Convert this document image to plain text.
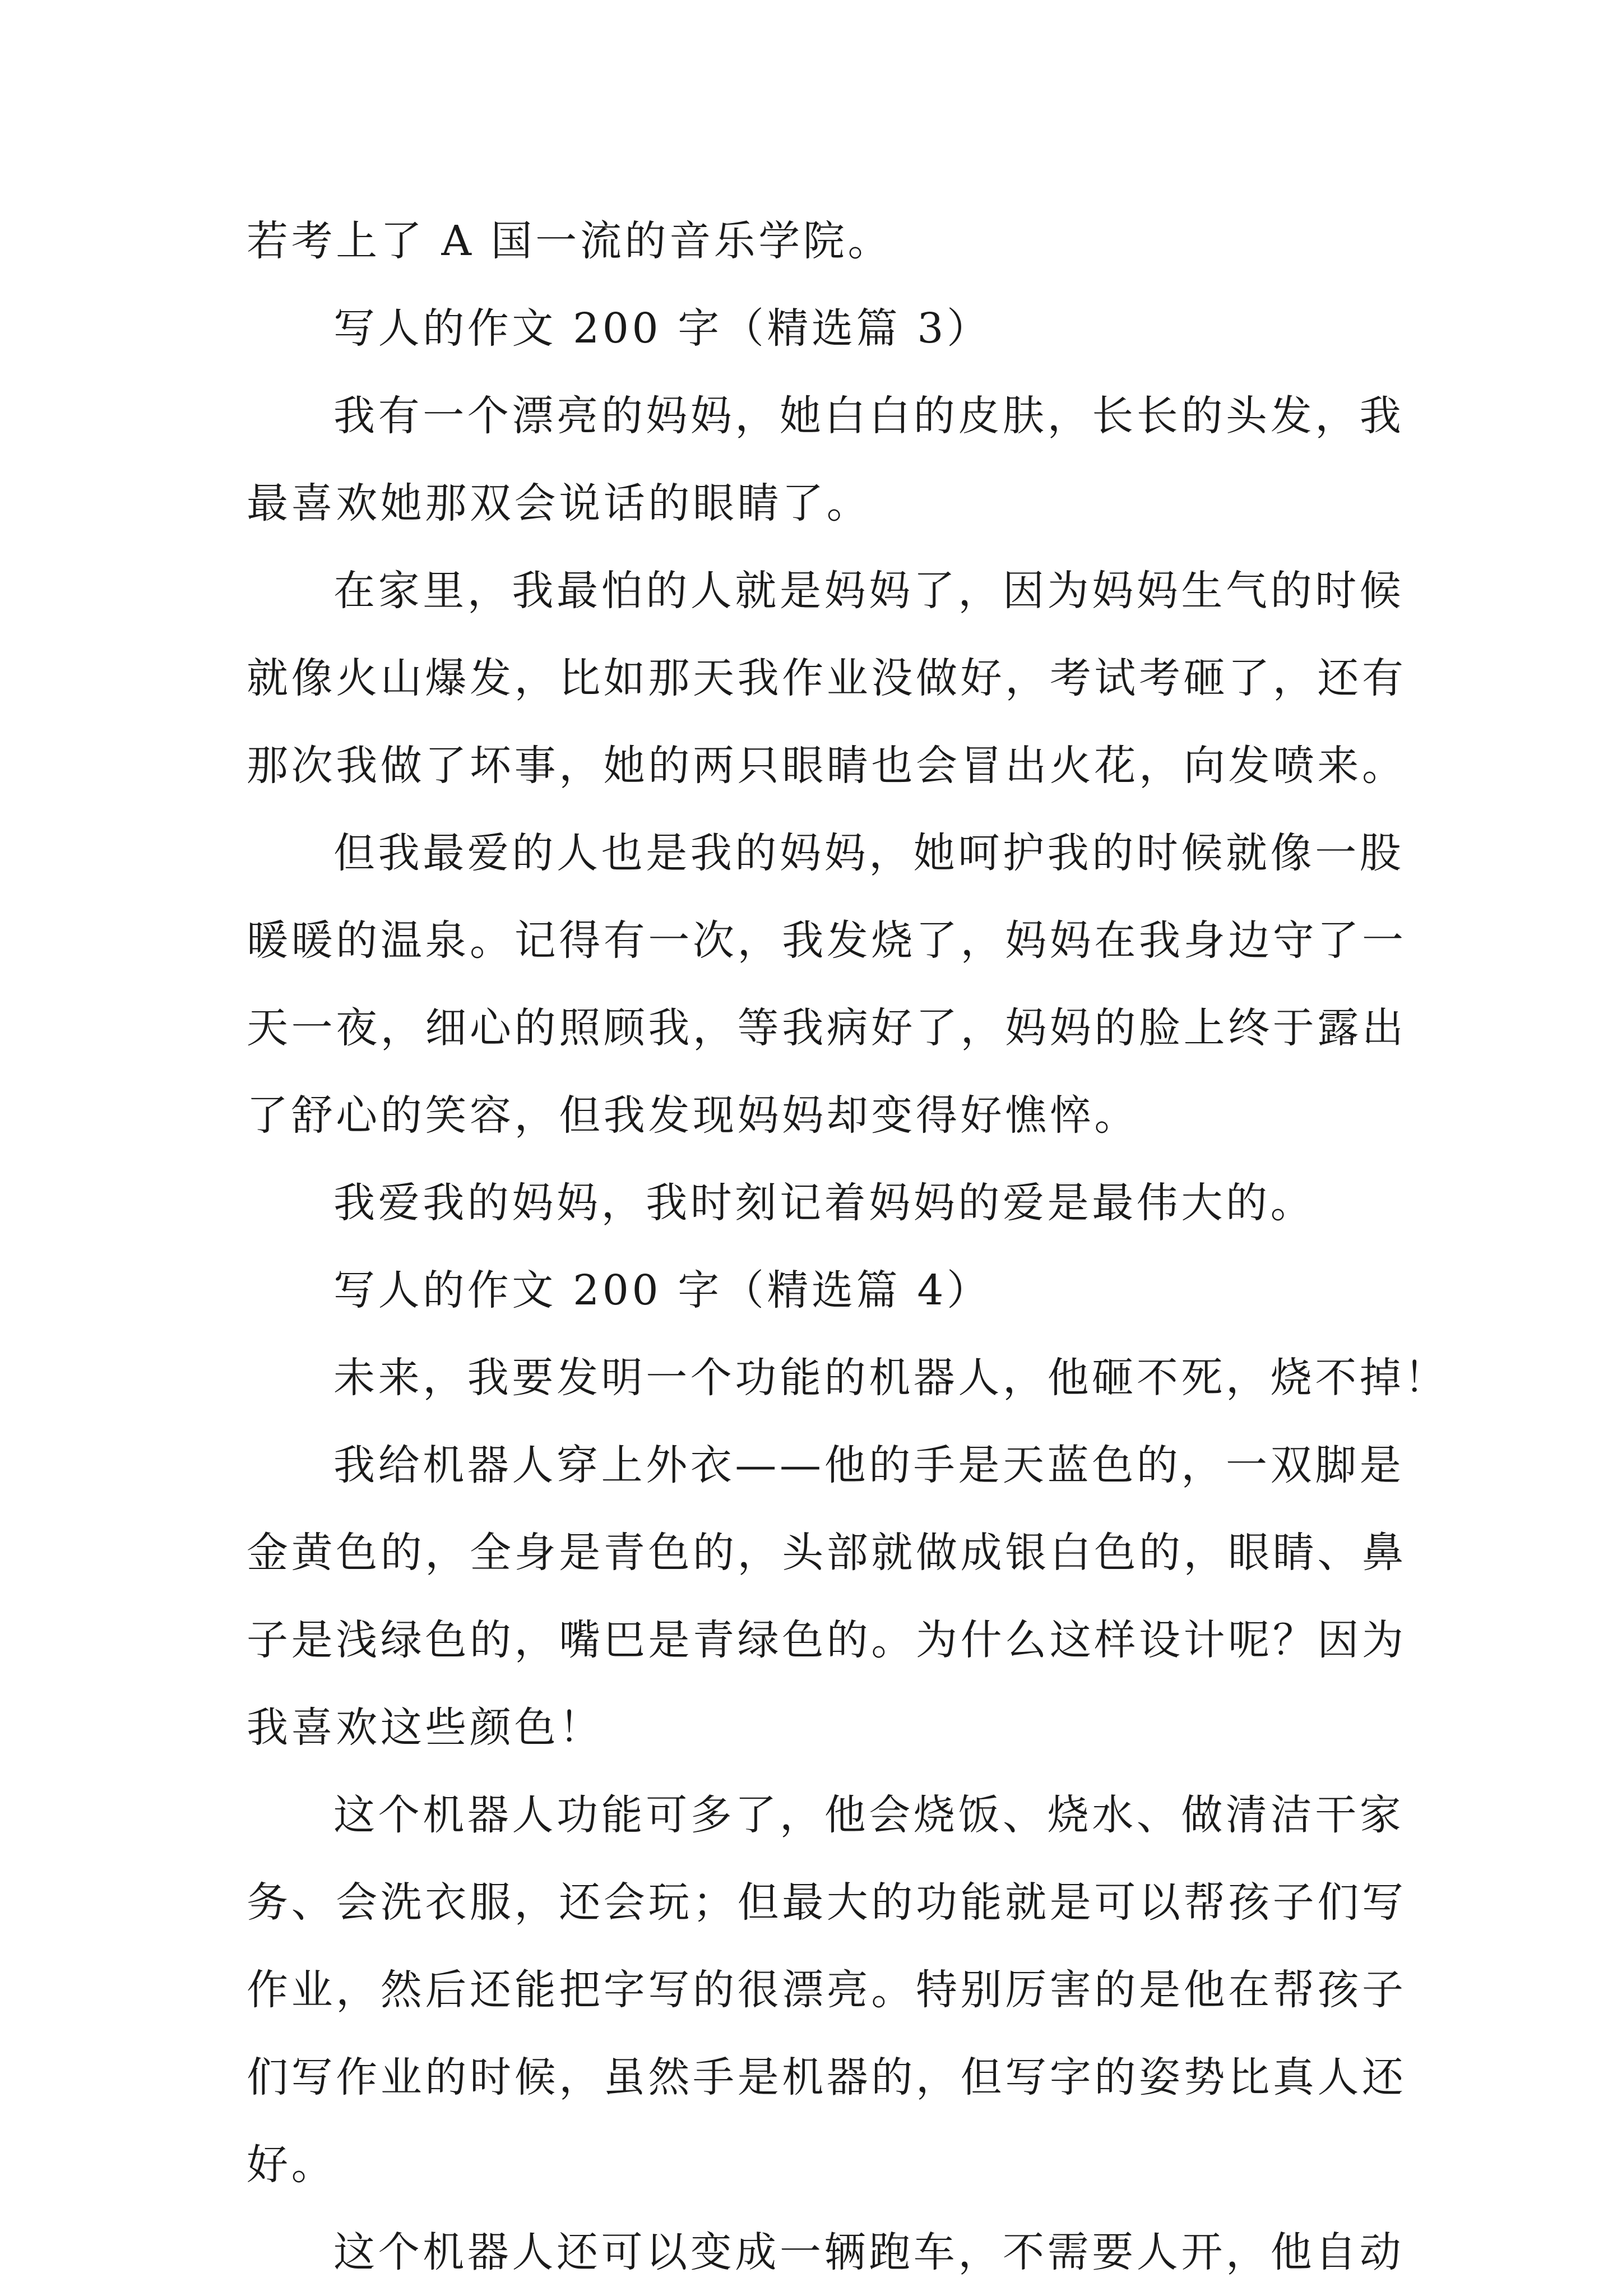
若考上了 A 国一流的音乐学院。
写人的作文 200 字（精选篇 3）
我有一个漂亮的妈妈，她白白的皮肤，长长的头发，我
最喜欢她那双会说话的眼睛了。
在家里，我最怕的人就是妈妈了，因为妈妈生气的时候
就像火山爆发，比如那天我作业没做好，考试考砸了，还有
那次我做了坏事，她的两只眼睛也会冒出火花，向发喷来。
但我最爱的人也是我的妈妈，她呵护我的时候就像一股
暖暖的温泉。记得有一次，我发烧了，妈妈在我身边守了一
天一夜，细心的照顾我，等我病好了，妈妈的脸上终于露出
了舒心的笑容，但我发现妈妈却变得好憔悴。
我爱我的妈妈，我时刻记着妈妈的爱是最伟大的。
写人的作文 200 字（精选篇 4）
未来，我要发明一个功能的机器人，他砸不死，烧不掉！
我给机器人穿上外衣——他的手是天蓝色的，一双脚是
金黄色的，全身是青色的，头部就做成银白色的，眼睛、鼻
子是浅绿色的，嘴巴是青绿色的。为什么这样设计呢？因为
我喜欢这些颜色！
这个机器人功能可多了，他会烧饭、烧水、做清洁干家
务、会洗衣服，还会玩；但最大的功能就是可以帮孩子们写
作业，然后还能把字写的很漂亮。特别厉害的是他在帮孩子
们写作业的时候，虽然手是机器的，但写字的姿势比真人还
好。
这个机器人还可以变成一辆跑车，不需要人开，他自动
